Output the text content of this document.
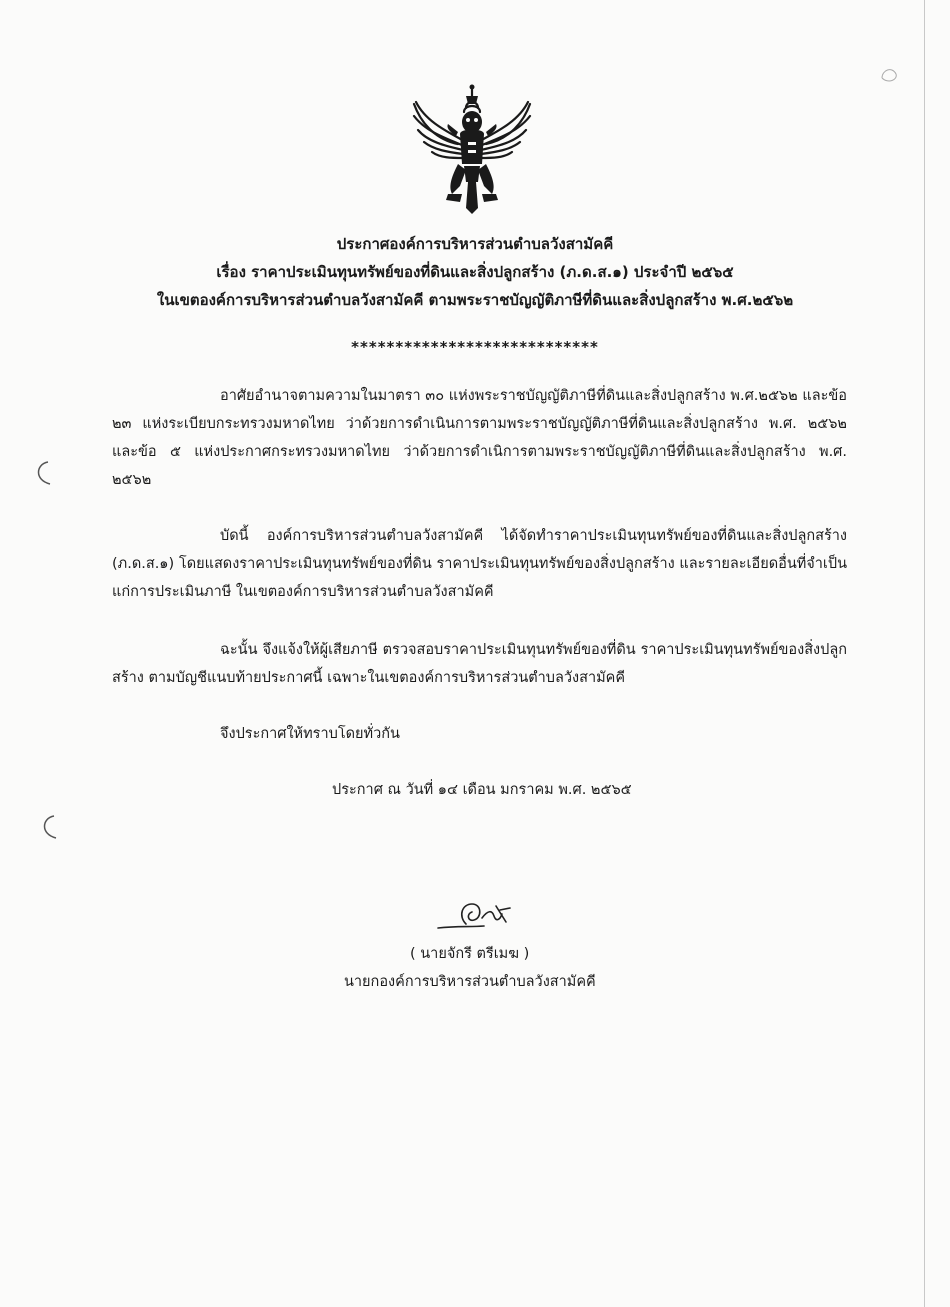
ประกาศองค์การบริหารส่วนตำบลวังสามัคคี
เรื่อง ราคาประเมินทุนทรัพย์ของที่ดินและสิ่งปลูกสร้าง (ภ.ด.ส.๑) ประจำปี ๒๕๖๕
ในเขตองค์การบริหารส่วนตำบลวังสามัคคี ตามพระราชบัญญัติภาษีที่ดินและสิ่งปลูกสร้าง พ.ศ.๒๕๖๒
****************************
อาศัยอำนาจตามความในมาตรา ๓๐ แห่งพระราชบัญญัติภาษีที่ดินและสิ่งปลูกสร้าง พ.ศ.๒๕๖๒ และข้อ ๒๓ แห่งระเบียบกระทรวงมหาดไทย ว่าด้วยการดำเนินการตามพระราชบัญญัติภาษีที่ดินและสิ่งปลูกสร้าง พ.ศ. ๒๕๖๒ และข้อ ๕ แห่งประกาศกระทรวงมหาดไทย ว่าด้วยการดำเนิการตามพระราชบัญญัติภาษีที่ดินและสิ่งปลูกสร้าง พ.ศ. ๒๕๖๒
บัดนี้ องค์การบริหารส่วนตำบลวังสามัคคี ได้จัดทำราคาประเมินทุนทรัพย์ของที่ดินและสิ่งปลูกสร้าง (ภ.ด.ส.๑) โดยแสดงราคาประเมินทุนทรัพย์ของที่ดิน ราคาประเมินทุนทรัพย์ของสิ่งปลูกสร้าง และรายละเอียดอื่นที่จำเป็นแก่การประเมินภาษี ในเขตองค์การบริหารส่วนตำบลวังสามัคคี
ฉะนั้น จึงแจ้งให้ผู้เสียภาษี ตรวจสอบราคาประเมินทุนทรัพย์ของที่ดิน ราคาประเมินทุนทรัพย์ของสิ่งปลูกสร้าง ตามบัญชีแนบท้ายประกาศนี้ เฉพาะในเขตองค์การบริหารส่วนตำบลวังสามัคคี
จึงประกาศให้ทราบโดยทั่วกัน
ประกาศ ณ วันที่ ๑๔ เดือน มกราคม พ.ศ. ๒๕๖๕
( นายจักรี ตรีเมฆ )
นายกองค์การบริหารส่วนตำบลวังสามัคคี
